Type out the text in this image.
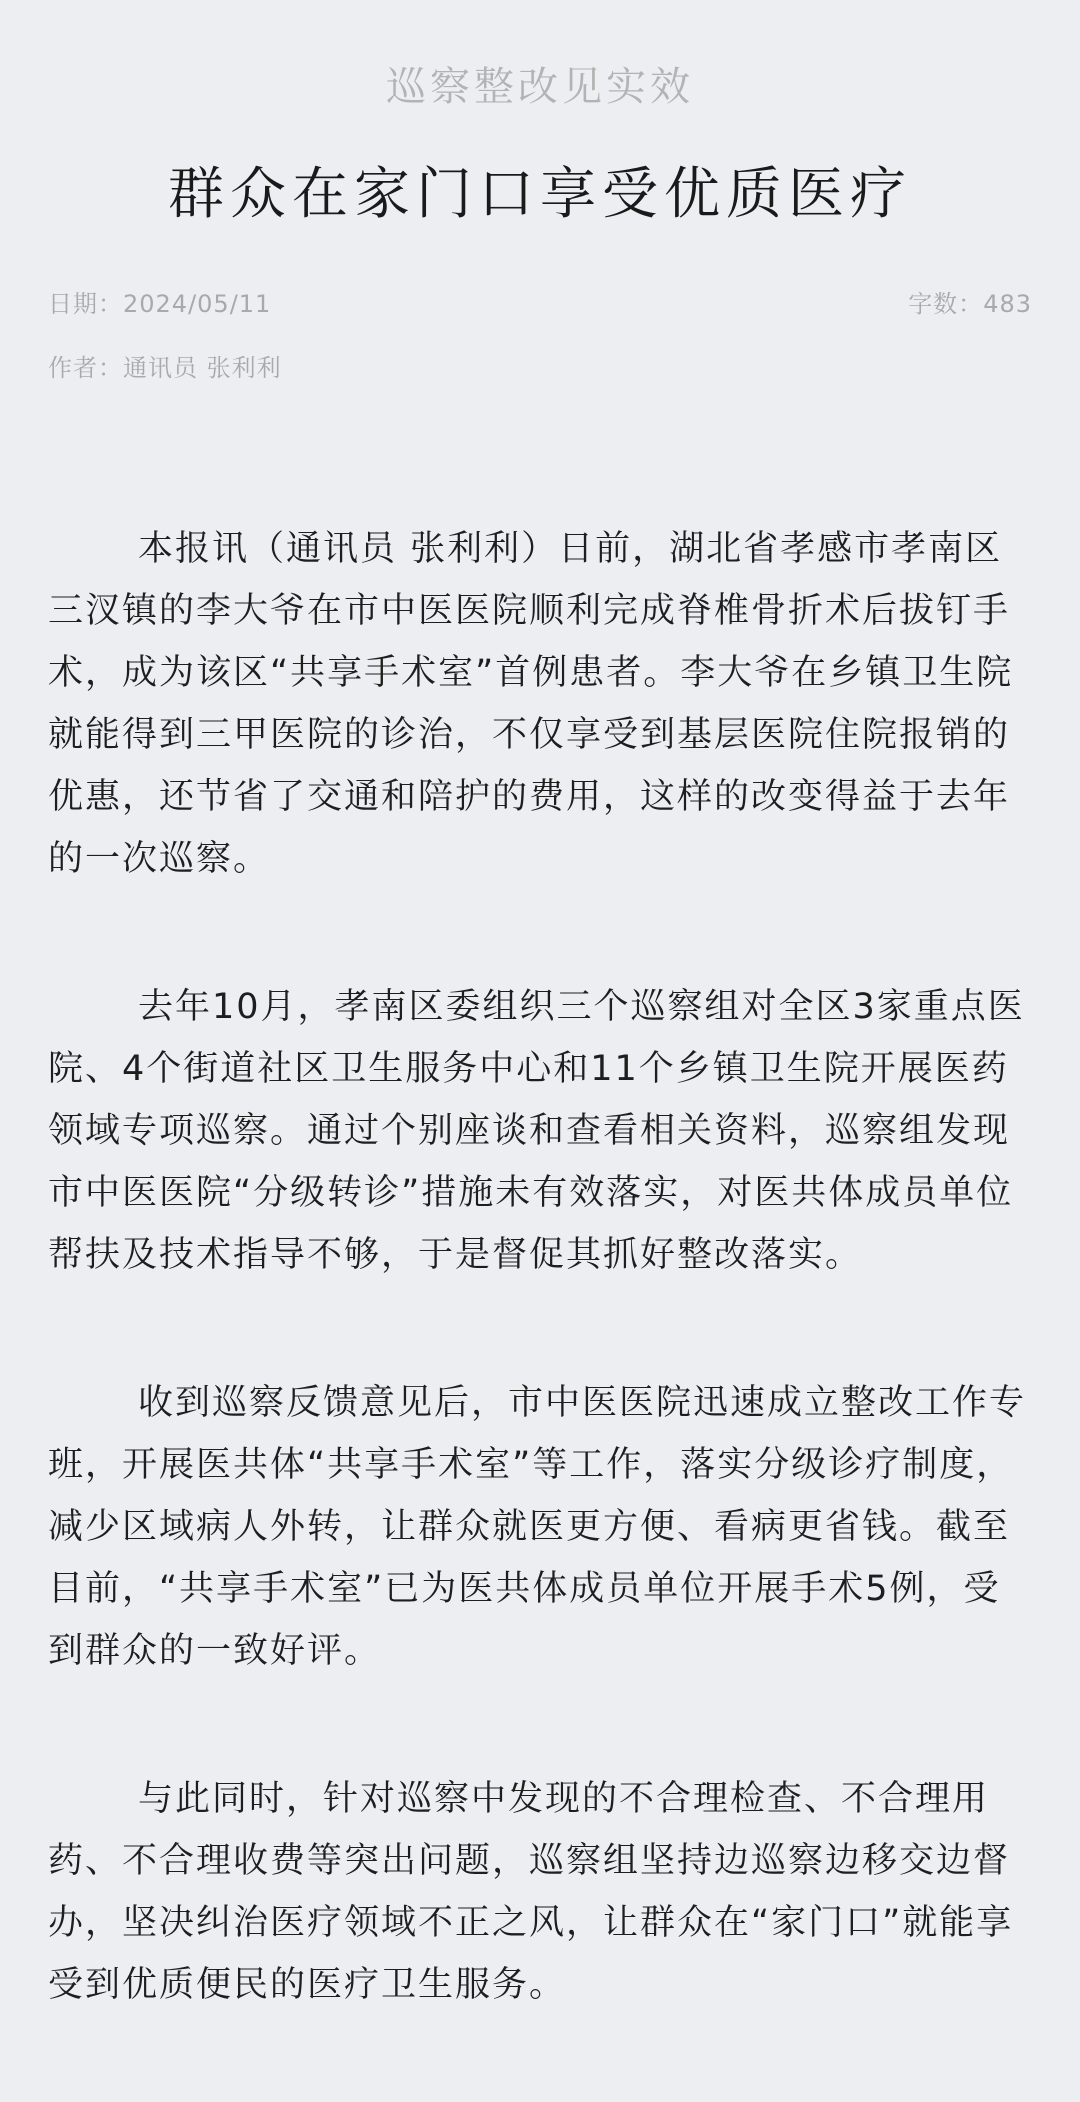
巡察整改见实效
群众在家门口享受优质医疗
日期：2024/05/11	字数：483
作者：通讯员 张利利

本报讯（通讯员 张利利）日前，湖北省孝感市孝南区三汊镇的李大爷在市中医医院顺利完成脊椎骨折术后拔钉手术，成为该区“共享手术室”首例患者。李大爷在乡镇卫生院就能得到三甲医院的诊治，不仅享受到基层医院住院报销的优惠，还节省了交通和陪护的费用，这样的改变得益于去年的一次巡察。

去年10月，孝南区委组织三个巡察组对全区3家重点医院、4个街道社区卫生服务中心和11个乡镇卫生院开展医药领域专项巡察。通过个别座谈和查看相关资料，巡察组发现市中医医院“分级转诊”措施未有效落实，对医共体成员单位帮扶及技术指导不够，于是督促其抓好整改落实。

收到巡察反馈意见后，市中医医院迅速成立整改工作专班，开展医共体“共享手术室”等工作，落实分级诊疗制度，减少区域病人外转，让群众就医更方便、看病更省钱。截至目前，“共享手术室”已为医共体成员单位开展手术5例，受到群众的一致好评。

与此同时，针对巡察中发现的不合理检查、不合理用药、不合理收费等突出问题，巡察组坚持边巡察边移交边督办，坚决纠治医疗领域不正之风，让群众在“家门口”就能享受到优质便民的医疗卫生服务。
